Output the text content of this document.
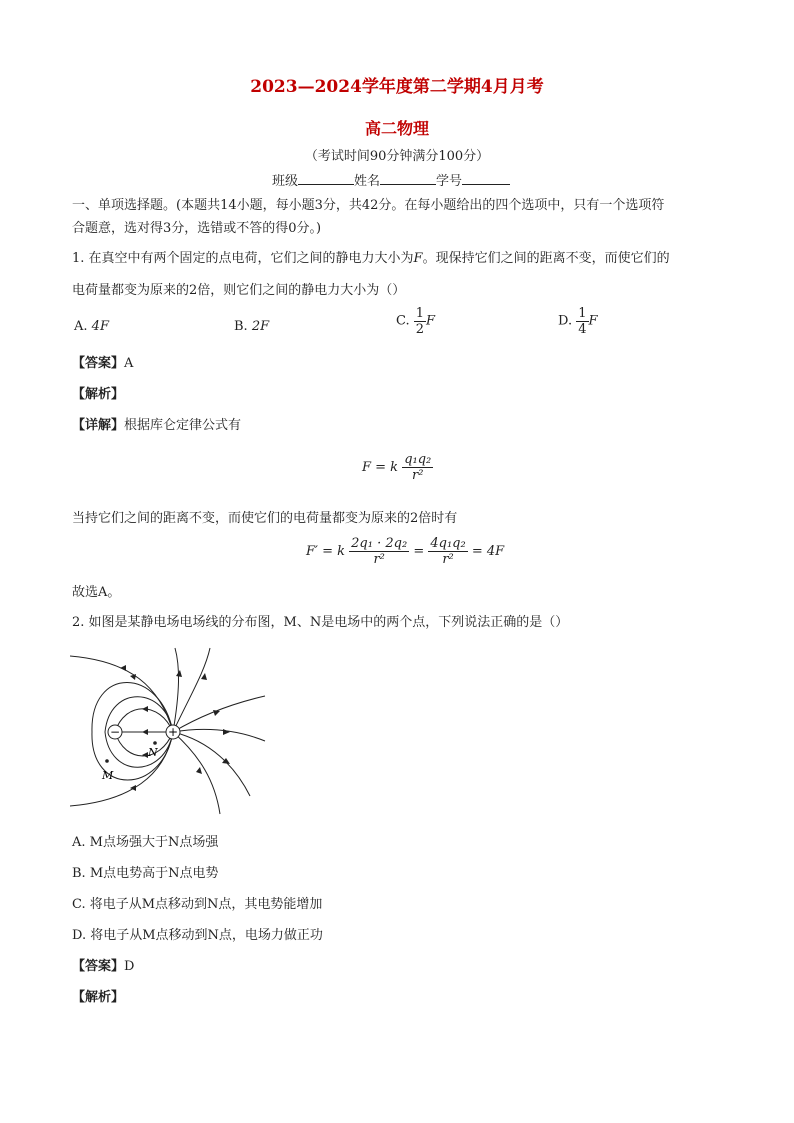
2023—2024学年度第二学期4月月考
高二物理
（考试时间90分钟满分100分）
班级	姓名	学号
一、单项选择题。(本题共14小题，每小题3分，共42分。在每小题给出的四个选项中，只有一个选项符
合题意，选对得3分，选错或不答的得0分。)
1. 在真空中有两个固定的点电荷，它们之间的静电力大小为F。现保持它们之间的距离不变，而使它们的
电荷量都变为原来的2倍，则它们之间的静电力大小为（）
A. 4F	B. 2F	C. $\frac{1}{2}$ F	D. $\frac{1}{4}$ F
【答案】A
【解析】
【详解】根据库仑定律公式有
F = k $\frac{\text{q₁q₂}}{\text{r²}}$
当持它们之间的距离不变，而使它们的电荷量都变为原来的2倍时有
F′ = k $\frac{\text{2q₁ · 2q₂}}{\text{r²}} = \frac{\text{4q₁q₂}}{\text{r²}} = 4F$
故选A。
2. 如图是某静电场电场线的分布图，M、N是电场中的两个点，下列说法正确的是（）
−	+
N
M
A. M点场强大于N点场强
B. M点电势高于N点电势
C. 将电子从M点移动到N点，其电势能增加
D. 将电子从M点移动到N点，电场力做正功
【答案】D
【解析】
